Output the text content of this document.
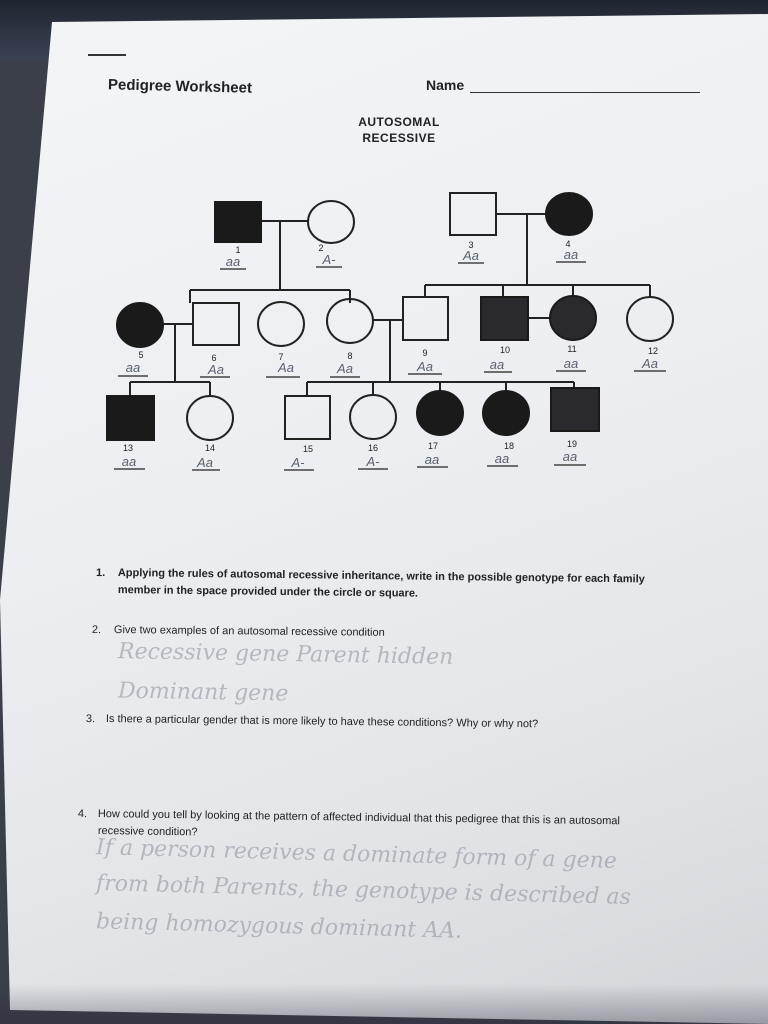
Pedigree Worksheet	Name
AUTOSOMAL
RECESSIVE
1	2	3	4
5	6	7	8	9	10	11	12
13	14	15	16	17	18	19
aa	A-	Aa	aa
aa	Aa	Aa	Aa	Aa	aa	aa	Aa
aa	Aa	A-	A-	aa	aa	aa
1. Applying the rules of autosomal recessive inheritance, write in the possible genotype for each family
member in the space provided under the circle or square.
2. Give two examples of an autosomal recessive condition
Recessive gene Parent hidden
Dominant gene
3. Is there a particular gender that is more likely to have these conditions? Why or why not?
4. How could you tell by looking at the pattern of affected individual that this pedigree that this is an autosomal
recessive condition?
If a person receives a dominate form of a gene
from both Parents, the genotype is described as
being homozygous dominant AA.
